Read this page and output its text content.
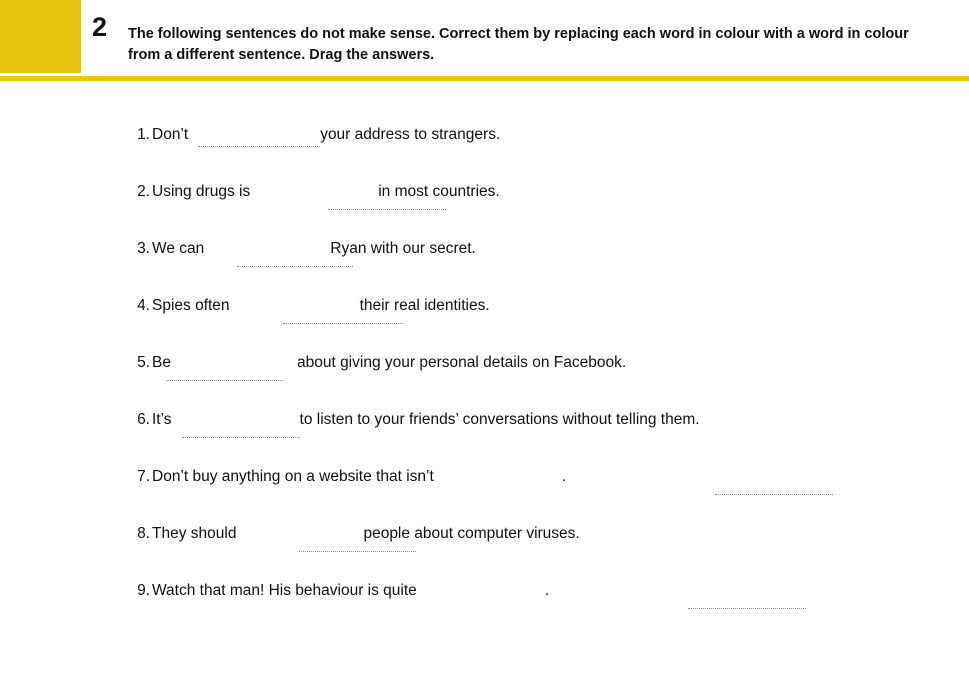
2 The following sentences do not make sense. Correct them by replacing each word in colour with a word in colour from a different sentence. Drag the answers.
1. Don’t	your address to strangers.
2. Using drugs is	in most countries.
3. We can	Ryan with our secret.
4. Spies often	their real identities.
5. Be	about giving your personal details on Facebook.
6. It’s	to listen to your friends’ conversations without telling them.
7. Don’t buy anything on a website that isn’t	.
8. They should	people about computer viruses.
9. Watch that man! His behaviour is quite	.
